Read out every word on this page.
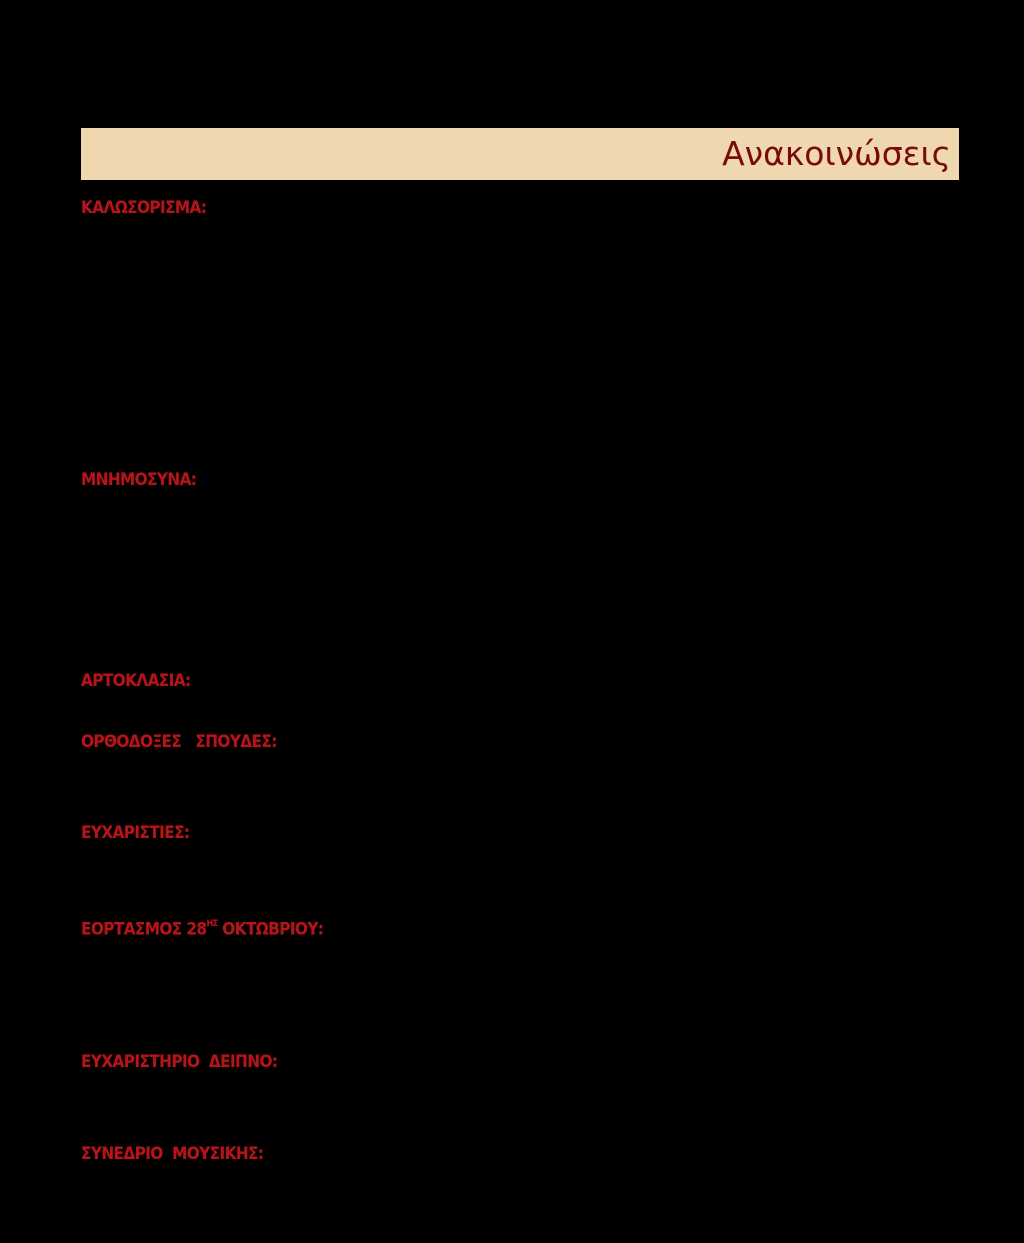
Ανακοινώσεις
ΚΑΛΩΣΟΡΙΣΜΑ:
ΜΝΗΜΟΣΥΝΑ:
ΑΡΤΟΚΛΑΣΙΑ:
ΟΡΘΟΔΟΞΕΣ   ΣΠΟΥΔΕΣ:
ΕΥΧΑΡΙΣΤΙΕΣ:
ΕΟΡΤΑΣΜΟΣ $28^{H\Sigma}$ ΟΚΤΩΒΡΙΟΥ:
ΕΥΧΑΡΙΣΤΗΡΙΟ  ΔΕΙΠΝΟ:
ΣΥΝΕΔΡΙΟ  ΜΟΥΣΙΚΗΣ:
